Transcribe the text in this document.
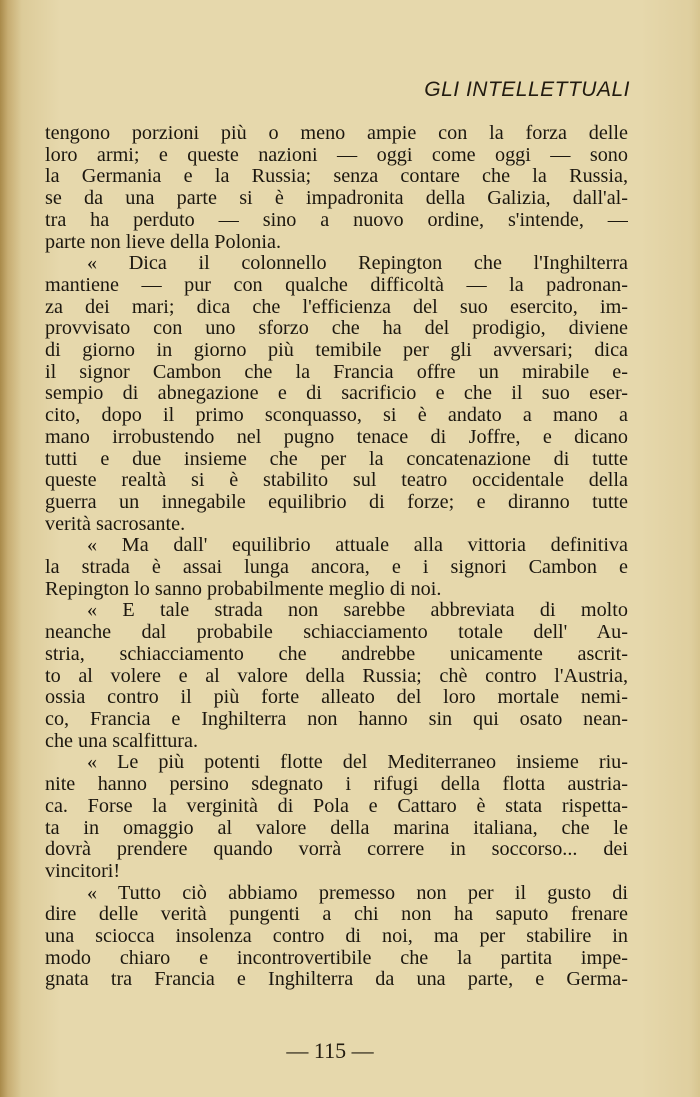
GLI INTELLETTUALI
tengono porzioni più o meno ampie con la forza delle
loro armi; e queste nazioni — oggi come oggi — sono
la Germania e la Russia; senza contare che la Russia,
se da una parte si è impadronita della Galizia, dall'al-
tra ha perduto — sino a nuovo ordine, s'intende, —
parte non lieve della Polonia.
« Dica il colonnello Repington che l'Inghilterra
mantiene — pur con qualche difficoltà — la padronan-
za dei mari; dica che l'efficienza del suo esercito, im-
provvisato con uno sforzo che ha del prodigio, diviene
di giorno in giorno più temibile per gli avversari; dica
il signor Cambon che la Francia offre un mirabile e-
sempio di abnegazione e di sacrificio e che il suo eser-
cito, dopo il primo sconquasso, si è andato a mano a
mano irrobustendo nel pugno tenace di Joffre, e dicano
tutti e due insieme che per la concatenazione di tutte
queste realtà si è stabilito sul teatro occidentale della
guerra un innegabile equilibrio di forze; e diranno tutte
verità sacrosante.
« Ma dall' equilibrio attuale alla vittoria definitiva
la strada è assai lunga ancora, e i signori Cambon e
Repington lo sanno probabilmente meglio di noi.
« E tale strada non sarebbe abbreviata di molto
neanche dal probabile schiacciamento totale dell' Au-
stria, schiacciamento che andrebbe unicamente ascrit-
to al volere e al valore della Russia; chè contro l'Austria,
ossia contro il più forte alleato del loro mortale nemi-
co, Francia e Inghilterra non hanno sin qui osato nean-
che una scalfittura.
« Le più potenti flotte del Mediterraneo insieme riu-
nite hanno persino sdegnato i rifugi della flotta austria-
ca. Forse la verginità di Pola e Cattaro è stata rispetta-
ta in omaggio al valore della marina italiana, che le
dovrà prendere quando vorrà correre in soccorso... dei
vincitori!
« Tutto ciò abbiamo premesso non per il gusto di
dire delle verità pungenti a chi non ha saputo frenare
una sciocca insolenza contro di noi, ma per stabilire in
modo chiaro e incontrovertibile che la partita impe-
gnata tra Francia e Inghilterra da una parte, e Germa-
— 115 —
